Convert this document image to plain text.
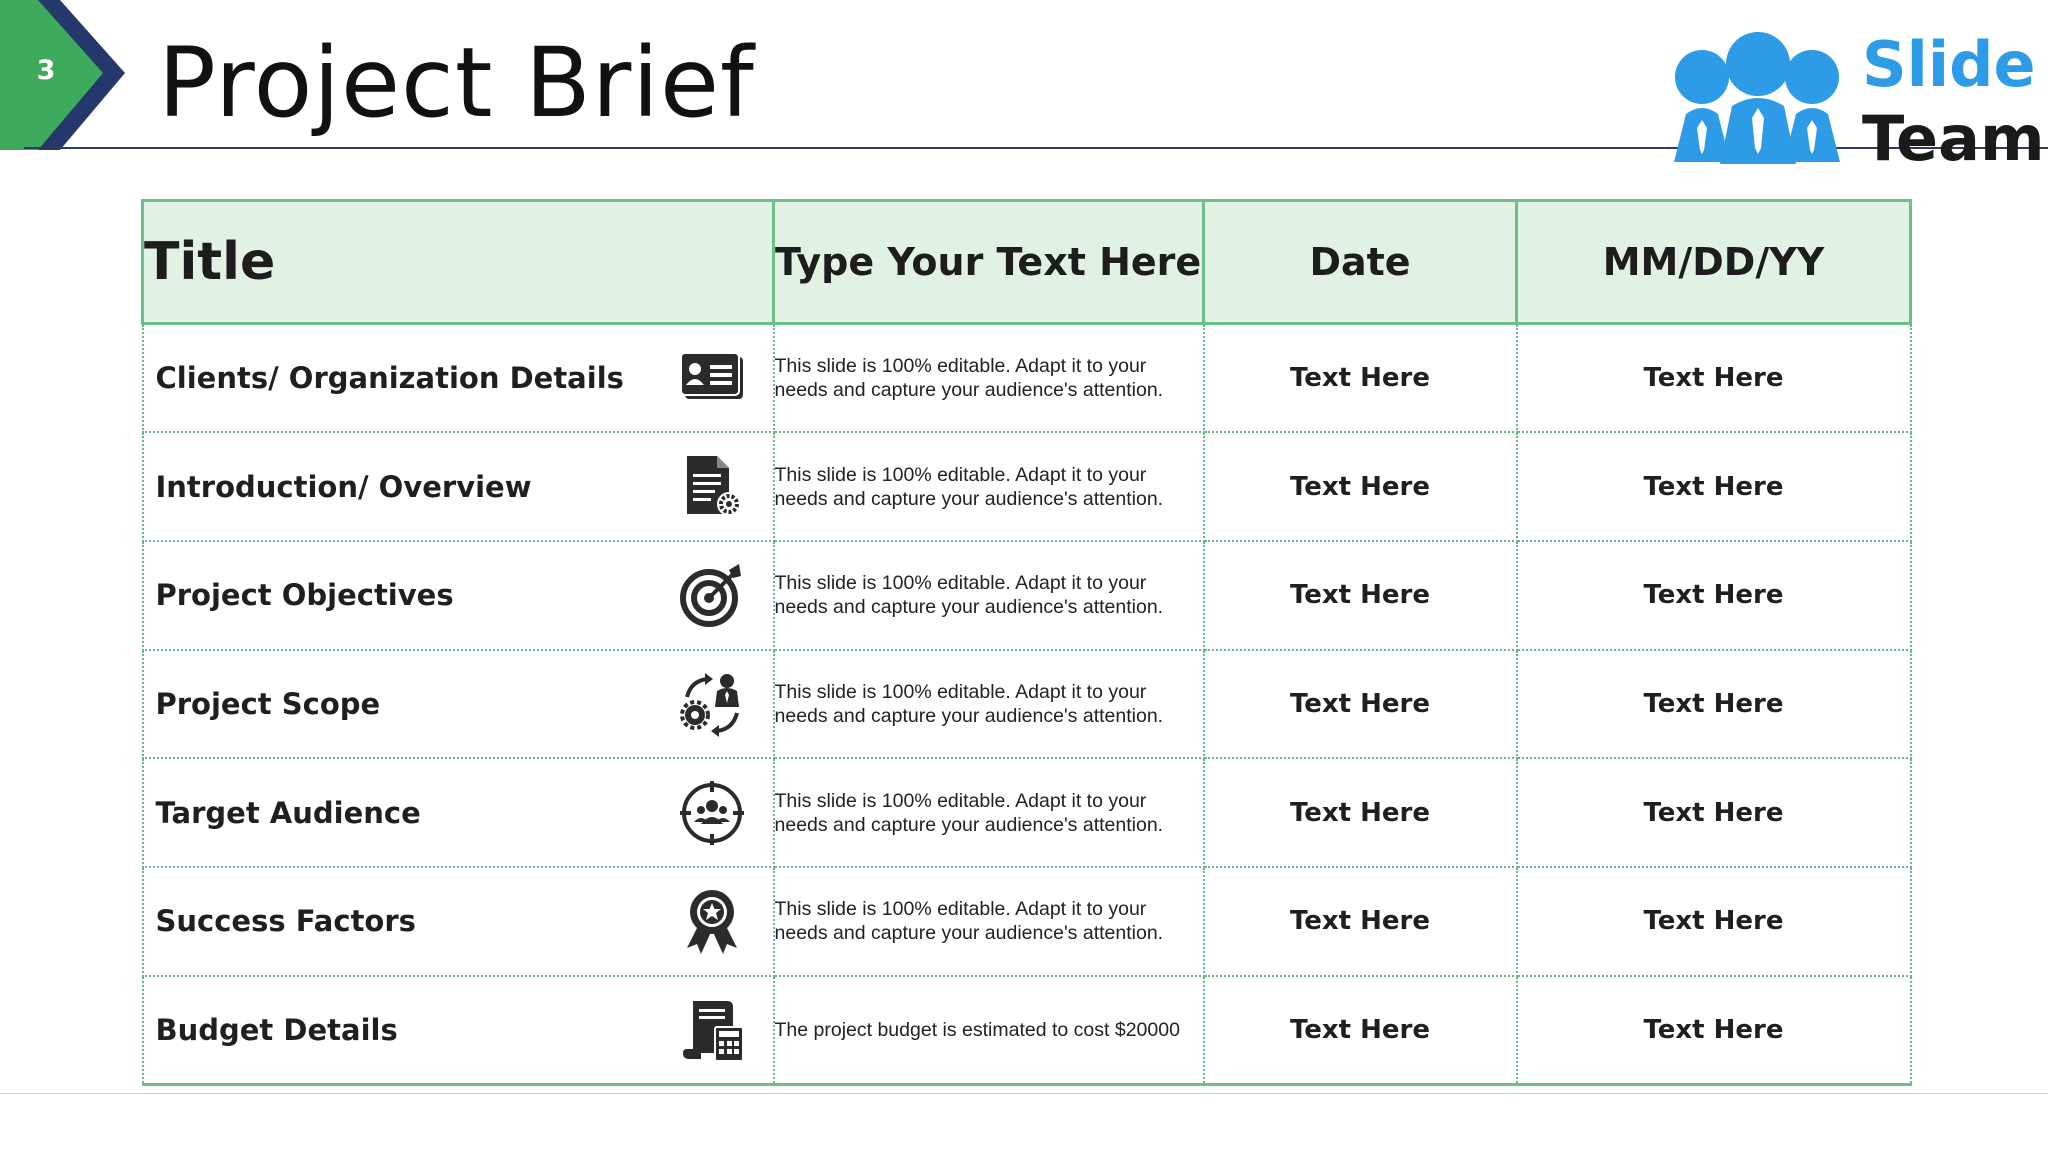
3 Project Brief	Slide
Team
Title	Type Your Text Here	Date	MM/DD/YY

Clients/ Organization Details	This slide is 100% editable. Adapt it to your needs and capture your audience's attention.	Text Here	Text Here

Introduction/ Overview	This slide is 100% editable. Adapt it to your needs and capture your audience's attention.	Text Here	Text Here

Project Objectives	This slide is 100% editable. Adapt it to your needs and capture your audience's attention.	Text Here	Text Here

Project Scope	This slide is 100% editable. Adapt it to your needs and capture your audience's attention.	Text Here	Text Here

Target Audience	This slide is 100% editable. Adapt it to your needs and capture your audience's attention.	Text Here	Text Here

Success Factors	This slide is 100% editable. Adapt it to your needs and capture your audience's attention.	Text Here	Text Here

Budget Details	The project budget is estimated to cost $20000	Text Here	Text Here
